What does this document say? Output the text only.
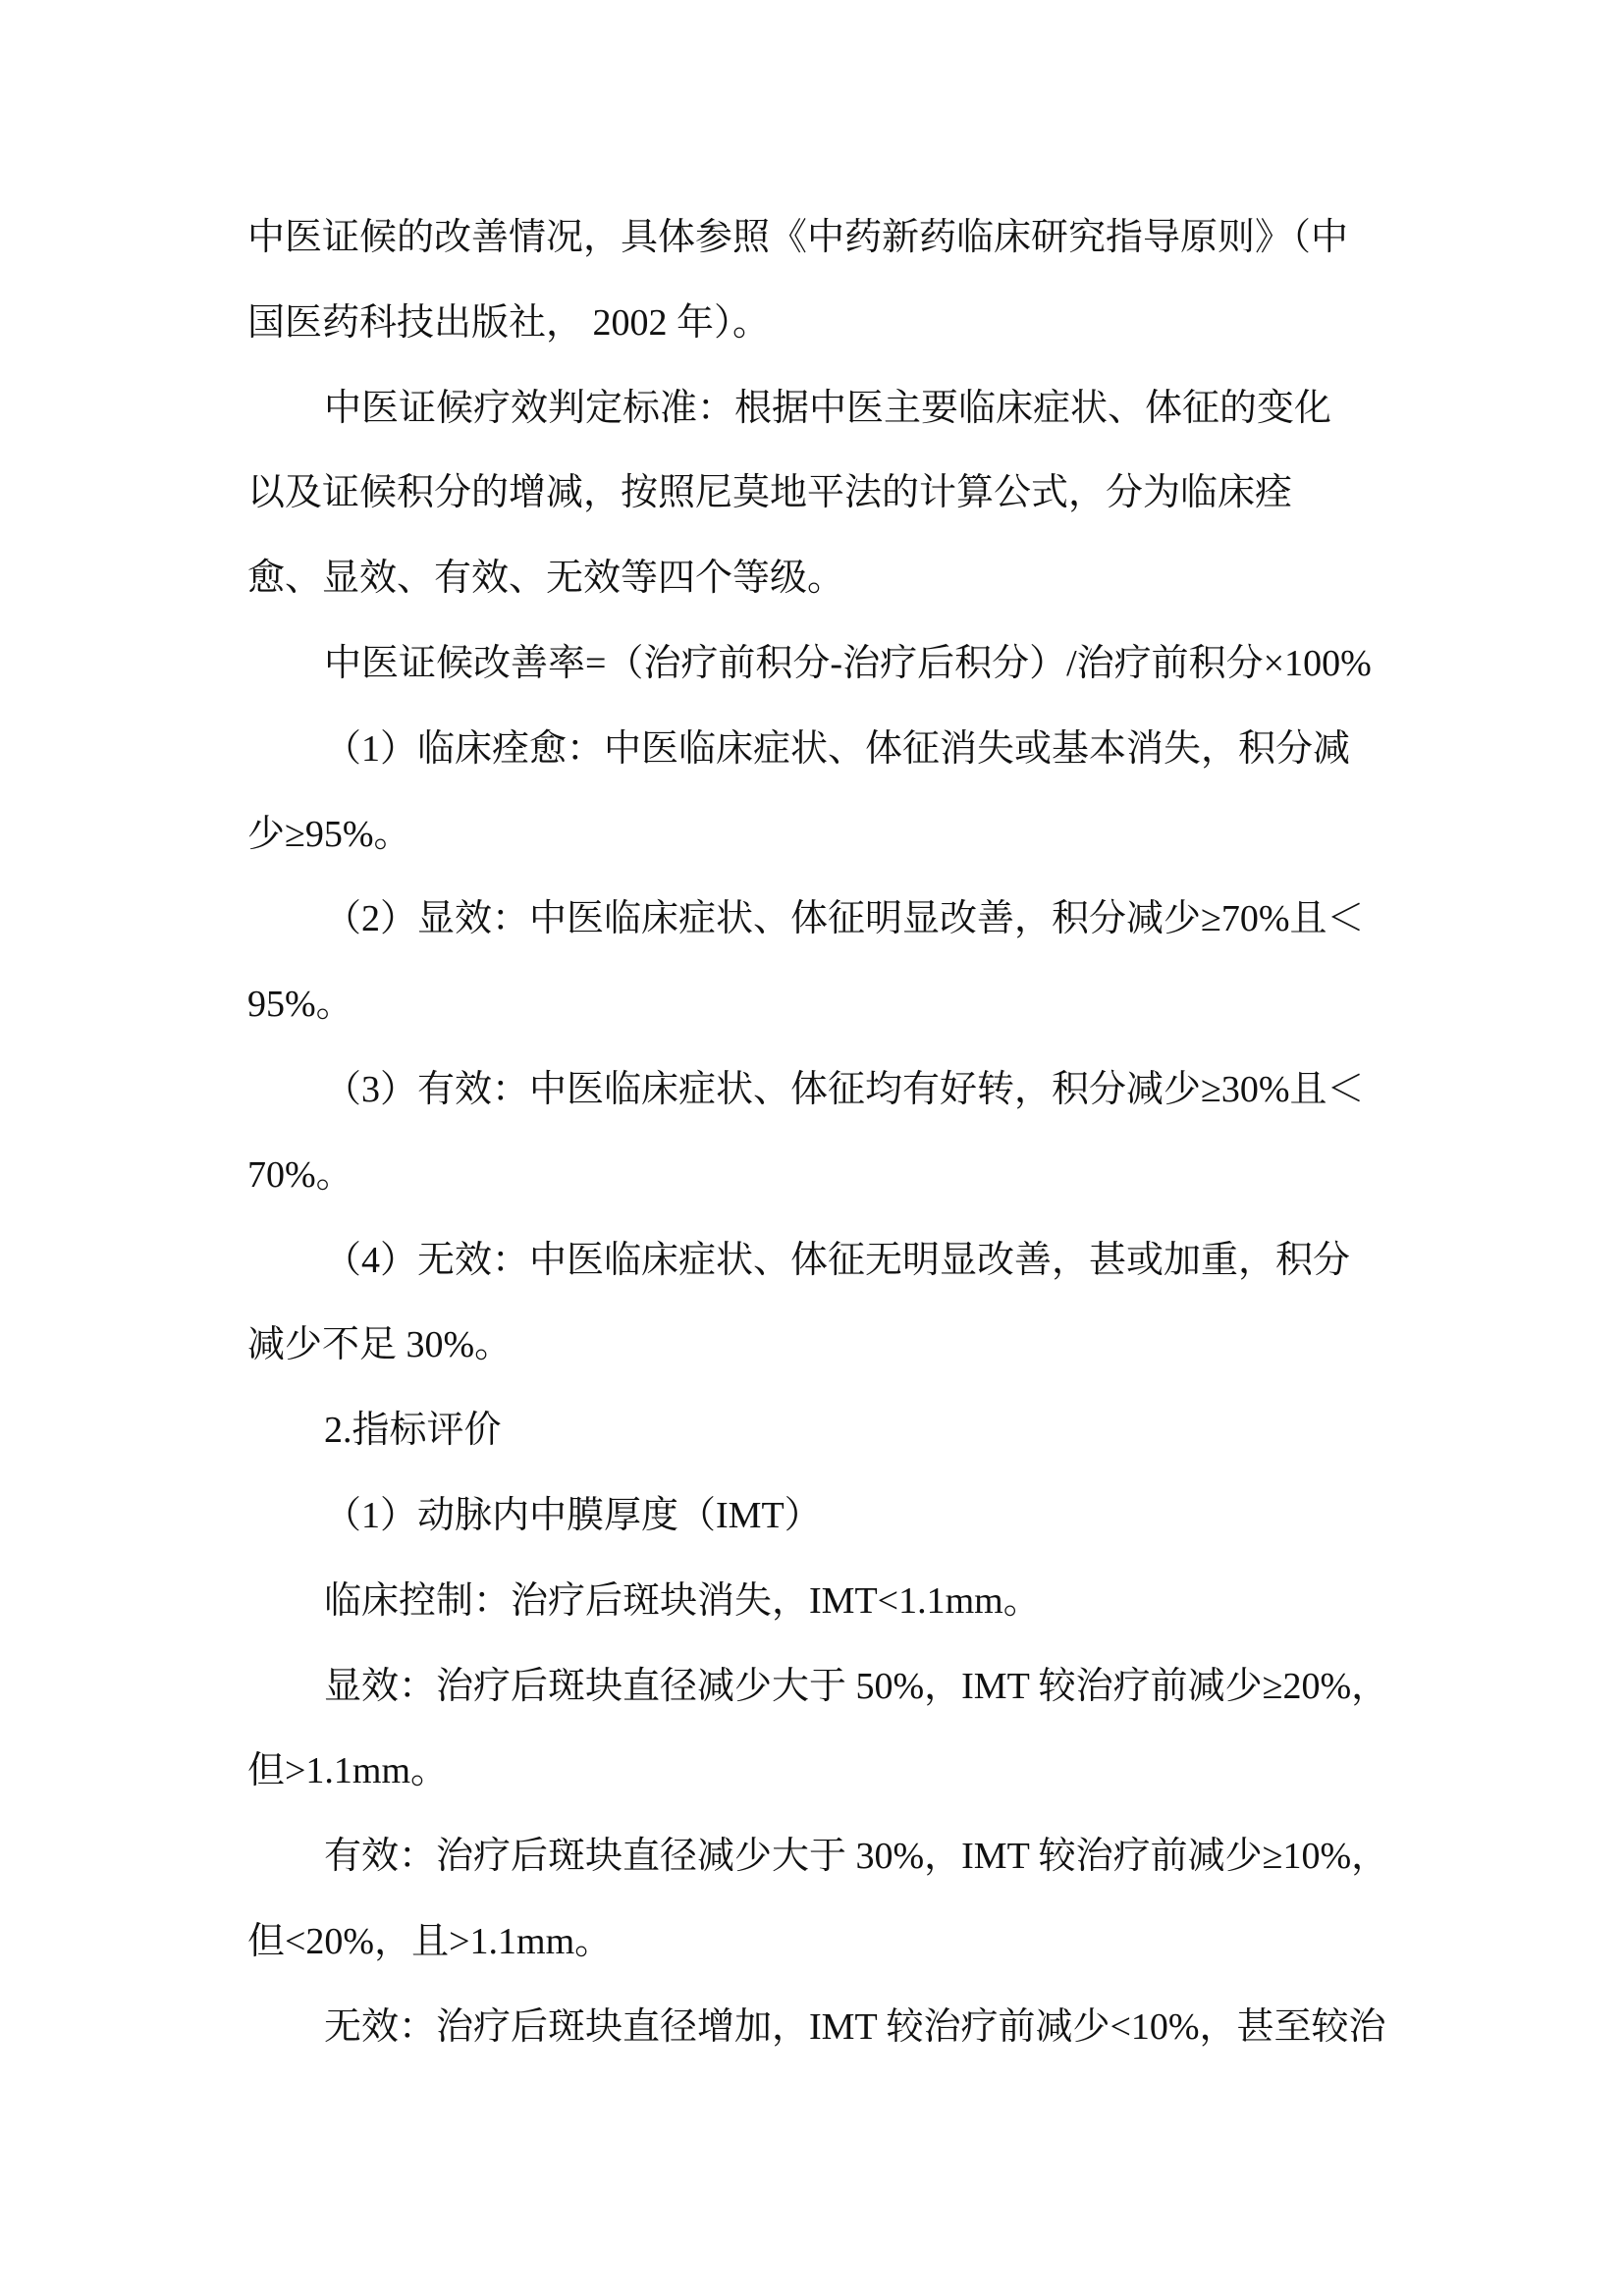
中医证候的改善情况，具体参照《中药新药临床研究指导原则》（中
国医药科技出版社， 2002 年）。
中医证候疗效判定标准：根据中医主要临床症状、体征的变化
以及证候积分的增减，按照尼莫地平法的计算公式，分为临床痊
愈、显效、有效、无效等四个等级。
中医证候改善率=（治疗前积分-治疗后积分）/治疗前积分×100%
（1）临床痊愈：中医临床症状、体征消失或基本消失，积分减
少≥95%。
（2）显效：中医临床症状、体征明显改善，积分减少≥70%且＜
95%。
（3）有效：中医临床症状、体征均有好转，积分减少≥30%且＜
70%。
（4）无效：中医临床症状、体征无明显改善，甚或加重，积分
减少不足 30%。
2.指标评价
（1）动脉内中膜厚度（IMT）
临床控制：治疗后斑块消失，IMT<1.1mm。
显效：治疗后斑块直径减少大于 50%，IMT 较治疗前减少≥20%，
但>1.1mm。
有效：治疗后斑块直径减少大于 30%，IMT 较治疗前减少≥10%，
但<20%，且>1.1mm。
无效：治疗后斑块直径增加，IMT 较治疗前减少<10%，甚至较治
